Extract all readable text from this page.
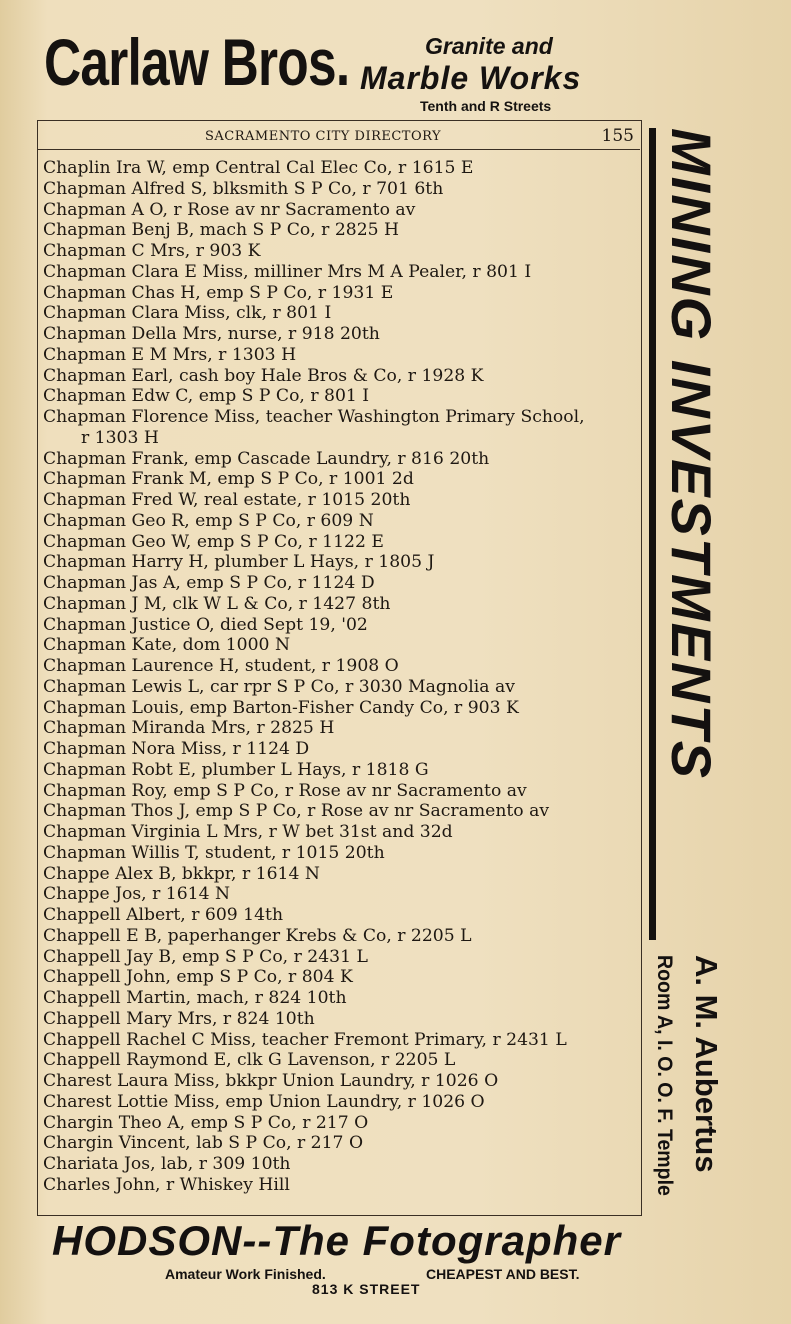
Carlaw Bros.	Granite and
Marble Works
Tenth and R Streets
SACRAMENTO CITY DIRECTORY	155
Chaplin Ira W, emp Central Cal Elec Co, r 1615 E
Chapman Alfred S, blksmith S P Co, r 701 6th
Chapman A O, r Rose av nr Sacramento av
Chapman Benj B, mach S P Co, r 2825 H
Chapman C Mrs, r 903 K
Chapman Clara E Miss, milliner Mrs M A Pealer, r 801 I
Chapman Chas H, emp S P Co, r 1931 E
Chapman Clara Miss, clk, r 801 I
Chapman Della Mrs, nurse, r 918 20th
Chapman E M Mrs, r 1303 H
Chapman Earl, cash boy Hale Bros & Co, r 1928 K
Chapman Edw C, emp S P Co, r 801 I
Chapman Florence Miss, teacher Washington Primary School,
r 1303 H
Chapman Frank, emp Cascade Laundry, r 816 20th
Chapman Frank M, emp S P Co, r 1001 2d
Chapman Fred W, real estate, r 1015 20th
Chapman Geo R, emp S P Co, r 609 N
Chapman Geo W, emp S P Co, r 1122 E
Chapman Harry H, plumber L Hays, r 1805 J
Chapman Jas A, emp S P Co, r 1124 D
Chapman J M, clk W L & Co, r 1427 8th
Chapman Justice O, died Sept 19, '02
Chapman Kate, dom 1000 N
Chapman Laurence H, student, r 1908 O
Chapman Lewis L, car rpr S P Co, r 3030 Magnolia av
Chapman Louis, emp Barton-Fisher Candy Co, r 903 K
Chapman Miranda Mrs, r 2825 H
Chapman Nora Miss, r 1124 D
Chapman Robt E, plumber L Hays, r 1818 G
Chapman Roy, emp S P Co, r Rose av nr Sacramento av
Chapman Thos J, emp S P Co, r Rose av nr Sacramento av
Chapman Virginia L Mrs, r W bet 31st and 32d
Chapman Willis T, student, r 1015 20th
Chappe Alex B, bkkpr, r 1614 N
Chappe Jos, r 1614 N
Chappell Albert, r 609 14th
Chappell E B, paperhanger Krebs & Co, r 2205 L
Chappell Jay B, emp S P Co, r 2431 L
Chappell John, emp S P Co, r 804 K
Chappell Martin, mach, r 824 10th
Chappell Mary Mrs, r 824 10th
Chappell Rachel C Miss, teacher Fremont Primary, r 2431 L
Chappell Raymond E, clk G Lavenson, r 2205 L
Charest Laura Miss, bkkpr Union Laundry, r 1026 O
Charest Lottie Miss, emp Union Laundry, r 1026 O
Chargin Theo A, emp S P Co, r 217 O
Chargin Vincent, lab S P Co, r 217 O
Chariata Jos, lab, r 309 10th
Charles John, r Whiskey Hill
MINING INVESTMENTS
A. M. Aubertus
Room A, I. O. O. F. Temple
HODSON--The Fotographer
Amateur Work Finished.	CHEAPEST AND BEST.
813 K STREET
